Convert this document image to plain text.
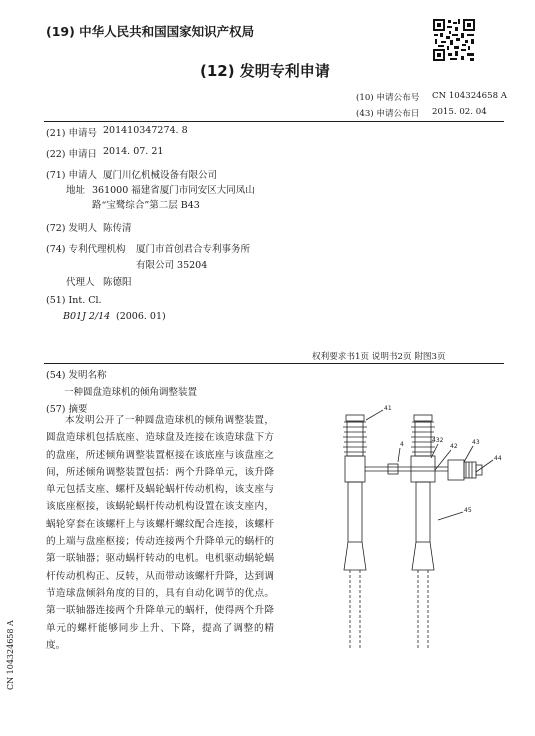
(19) 中华人民共和国国家知识产权局
(12) 发明专利申请
(10) 申请公布号 CN 104324658 A
(43) 申请公布日 2015. 02. 04
(21) 申请号 201410347274. 8
(22) 申请日 2014. 07. 21
(71) 申请人 厦门川亿机械设备有限公司
地址 361000 福建省厦门市同安区大同凤山
路“宝鹭综合”第二层 B43
(72) 发明人 陈传清
(74) 专利代理机构 厦门市首创君合专利事务所
有限公司 35204
代理人 陈德阳
(51) Int. Cl.
B01J 2/14 (2006. 01)
权利要求书1页 说明书2页 附图3页
(54) 发明名称
一种圆盘造球机的倾角调整装置
(57) 摘要
本发明公开了一种圆盘造球机的倾角调整装置，圆盘造球机包括底座、造球盘及连接在该造球盘下方的盘座，所述倾角调整装置枢接在该底座与该盘座之间，所述倾角调整装置包括：两个升降单元，该升降单元包括支座、螺杆及蜗轮蜗杆传动机构，该支座与该底座枢接，该蜗轮蜗杆传动机构设置在该支座内，蜗轮穿套在该螺杆上与该螺杆螺纹配合连接，该螺杆的上端与盘座枢接；传动连接两个升降单元的蜗杆的第一联轴器；驱动蜗杆转动的电机。电机驱动蜗轮蜗杆传动机构正、反转，从而带动该螺杆升降，达到调节造球盘倾斜角度的目的，具有自动化调节的优点。第一联轴器连接两个升降单元的蜗杆，使得两个升降单元的螺杆能够同步上升、下降，提高了调整的精度。
41
4
432
42
43
44
45
CN 104324658 A
